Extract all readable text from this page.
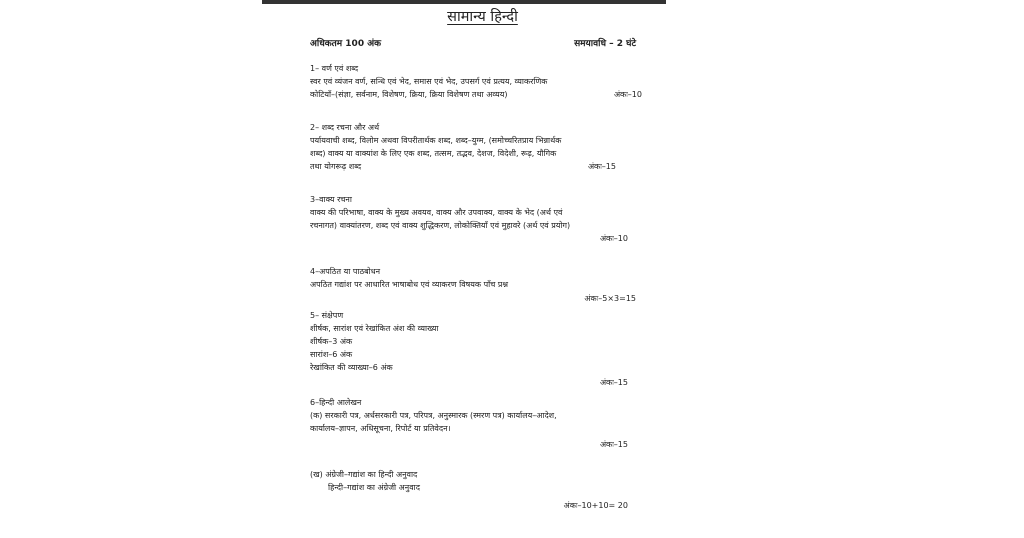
सामान्य हिन्दी
अधिकतम 100 अंक	समयावधि – 2 घंटे
1– वर्ण एवं शब्द
स्वर एवं व्यंजन वर्ण, सन्धि एवं भेद, समास एवं भेद, उपसर्ग एवं प्रत्यय, व्याकरणिक
कोटियाँ–(संज्ञा, सर्वनाम, विशेषण, क्रिया, क्रिया विशेषण तथा अव्यय)	अंकः–10
2– शब्द रचना और अर्थ
पर्यायवाची शब्द, विलोम अथवा विपरीतार्थक शब्द, शब्द–युग्म, (समोच्चरितप्राय भिन्नार्थक
शब्द) वाक्य या वाक्यांश के लिए एक शब्द, तत्सम, तद्भव, देशज, विदेशी, रूढ़, यौगिक
तथा योगरूढ़ शब्द	अंकः–15
3–वाक्य रचना
वाक्य की परिभाषा, वाक्य के मुख्य अवयव, वाक्य और उपवाक्य, वाक्य के भेद (अर्थ एवं
रचनागत) वाक्यांतरण, शब्द एवं वाक्य शुद्धिकरण, लोकोक्तियाँ एवं मुहावरे (अर्थ एवं प्रयोग)
अंकः–10
4–अपठित या पाठबोधन
अपठित गद्यांश पर आधारित भाषाबोध एवं व्याकरण विषयक पाँच प्रश्न
अंकः–5×3=15
5– संक्षेपण
शीर्षक, सारांश एवं रेखांकित अंश की व्याख्या
शीर्षक–3 अंक
सारांश–6 अंक
रेखांकित की व्याख्या–6 अंक
अंकः–15
6–हिन्दी आलेखन
(क) सरकारी पत्र, अर्धसरकारी पत्र, परिपत्र, अनुस्मारक (स्मरण पत्र) कार्यालय–आदेश,
कार्यालय–ज्ञापन, अधिसूचना, रिपोर्ट या प्रतिवेदन।
अंकः–15
(ख) अंग्रेजी–गद्यांश का हिन्दी अनुवाद
हिन्दी–गद्यांश का अंग्रेजी अनुवाद
अंकः–10+10= 20
